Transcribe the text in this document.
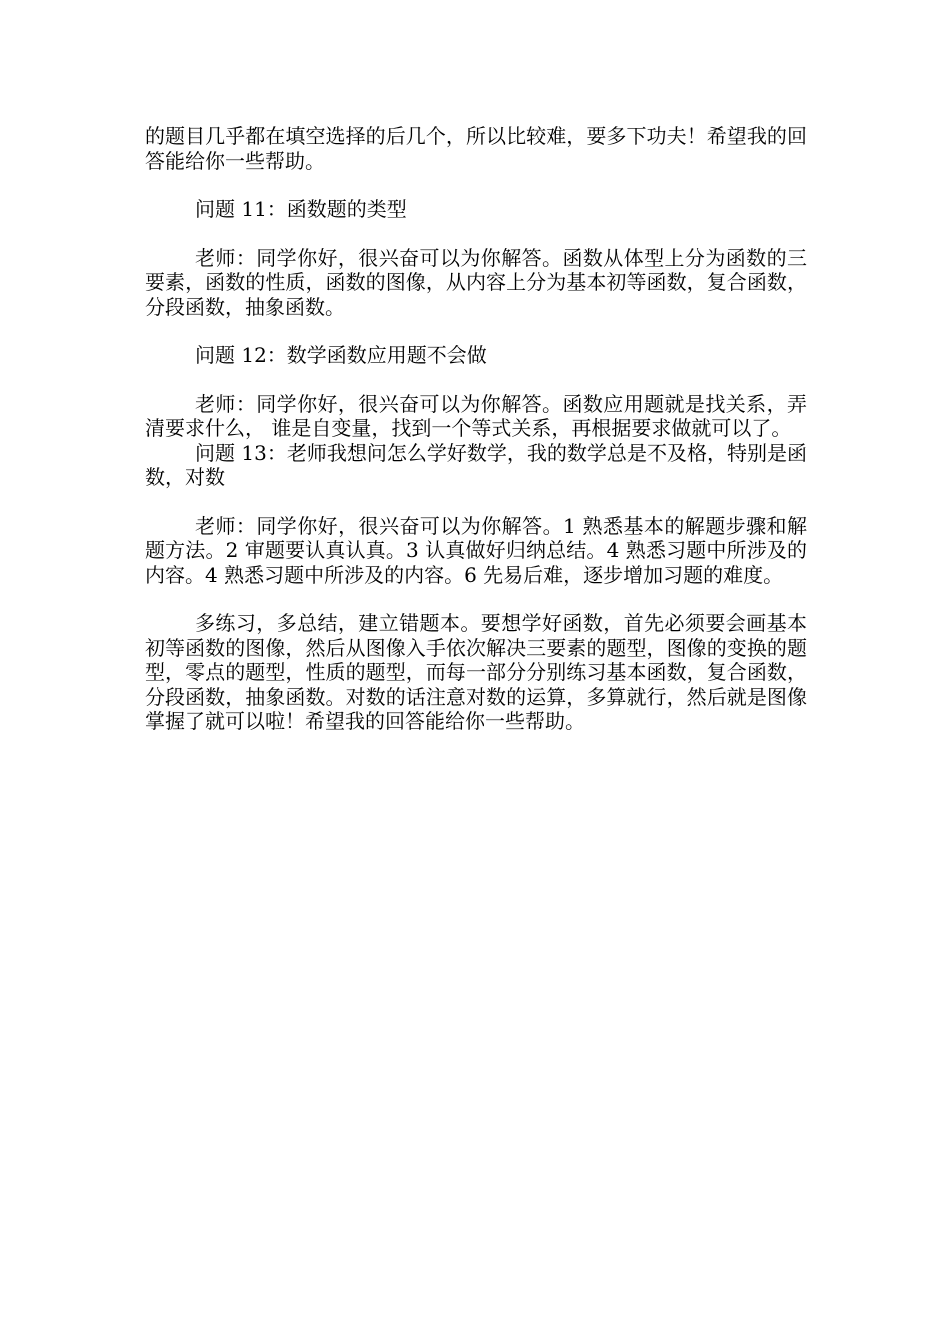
的题目几乎都在填空选择的后几个，所以比较难，要多下功夫！希望我的回答能给你一些帮助。

问题 11：函数题的类型

老师：同学你好，很兴奋可以为你解答。函数从体型上分为函数的三要素，函数的性质，函数的图像，从内容上分为基本初等函数，复合函数，分段函数，抽象函数。

问题 12：数学函数应用题不会做

老师：同学你好，很兴奋可以为你解答。函数应用题就是找关系，弄清要求什么， 谁是自变量，找到一个等式关系，再根据要求做就可以了。

问题 13：老师我想问怎么学好数学，我的数学总是不及格，特别是函数，对数

老师：同学你好，很兴奋可以为你解答。1 熟悉基本的解题步骤和解题方法。2 审题要认真认真。3 认真做好归纳总结。4 熟悉习题中所涉及的内容。4 熟悉习题中所涉及的内容。6 先易后难，逐步增加习题的难度。

多练习，多总结，建立错题本。要想学好函数，首先必须要会画基本初等函数的图像，然后从图像入手依次解决三要素的题型，图像的变换的题型，零点的题型，性质的题型，而每一部分分别练习基本函数，复合函数，分段函数，抽象函数。对数的话注意对数的运算，多算就行，然后就是图像掌握了就可以啦！希望我的回答能给你一些帮助。
